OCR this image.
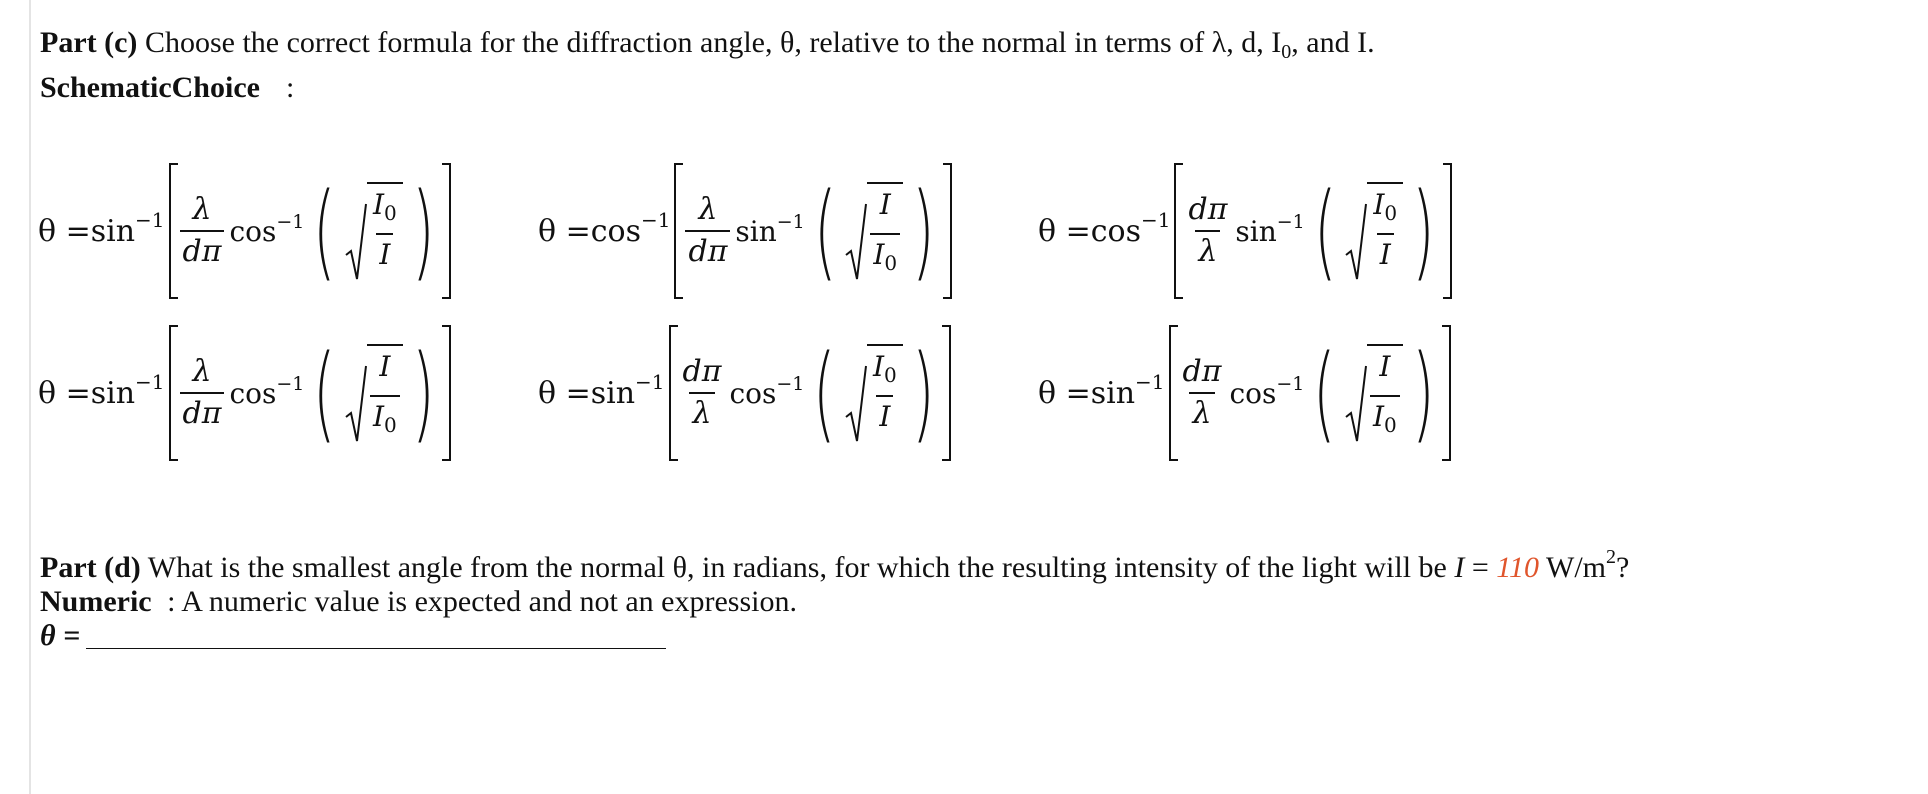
Part (c) Choose the correct formula for the diffraction angle, θ, relative to the normal in terms of λ, d, $I_0$, and I.
SchematicChoice :
$\theta = \sin^{-1} \frac{\lambda}{d\pi} \cos^{-1}$ ( $\frac{I_0}{I}$ )	$\theta = \cos^{-1} \frac{\lambda}{d\pi} \sin^{-1}$ ( $\frac{I}{I_0}$ )	$\theta = \cos^{-1} \frac{d\pi}{\lambda} \sin^{-1}$ ( $\frac{I_0}{I}$ )
$\theta = \sin^{-1} \frac{\lambda}{d\pi} \cos^{-1}$ ( $\frac{I}{I_0}$ )	$\theta = \sin^{-1} \frac{d\pi}{\lambda} \cos^{-1}$ ( $\frac{I_0}{I}$ )	$\theta = \sin^{-1} \frac{d\pi}{\lambda} \cos^{-1}$ ( $\frac{I}{I_0}$ )
Part (d) What is the smallest angle from the normal θ, in radians, for which the resulting intensity of the light will be I = 110 $W/m^2$?
Numeric : A numeric value is expected and not an expression.
θ =
